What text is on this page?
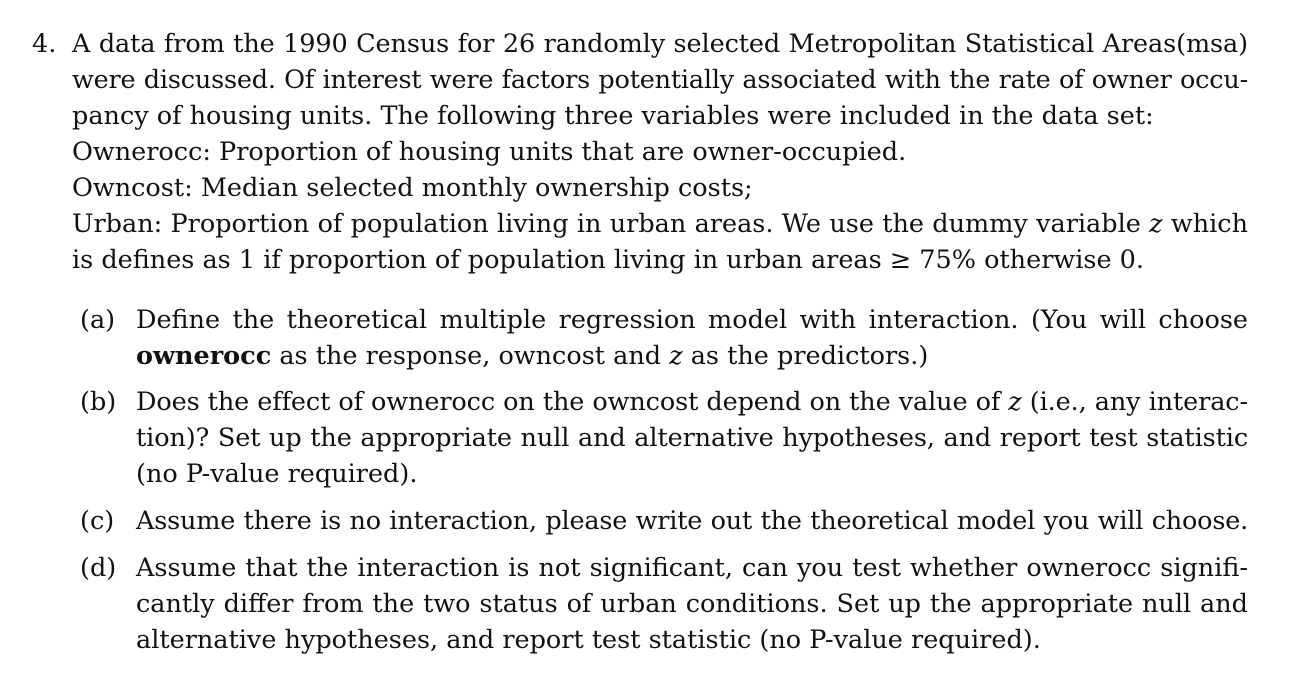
4. A data from the 1990 Census for 26 randomly selected Metropolitan Statistical Areas(msa)
were discussed. Of interest were factors potentially associated with the rate of owner occu-
pancy of housing units. The following three variables were included in the data set:
Ownerocc: Proportion of housing units that are owner-occupied.
Owncost: Median selected monthly ownership costs;
Urban: Proportion of population living in urban areas. We use the dummy variable z which
is defines as 1 if proportion of population living in urban areas ≥ 75% otherwise 0.
(a) Define the theoretical multiple regression model with interaction. (You will choose
ownerocc as the response, owncost and z as the predictors.)
(b) Does the effect of ownerocc on the owncost depend on the value of z (i.e., any interac-
tion)? Set up the appropriate null and alternative hypotheses, and report test statistic
(no P-value required).
(c) Assume there is no interaction, please write out the theoretical model you will choose.
(d) Assume that the interaction is not significant, can you test whether ownerocc signifi-
cantly differ from the two status of urban conditions. Set up the appropriate null and
alternative hypotheses, and report test statistic (no P-value required).
